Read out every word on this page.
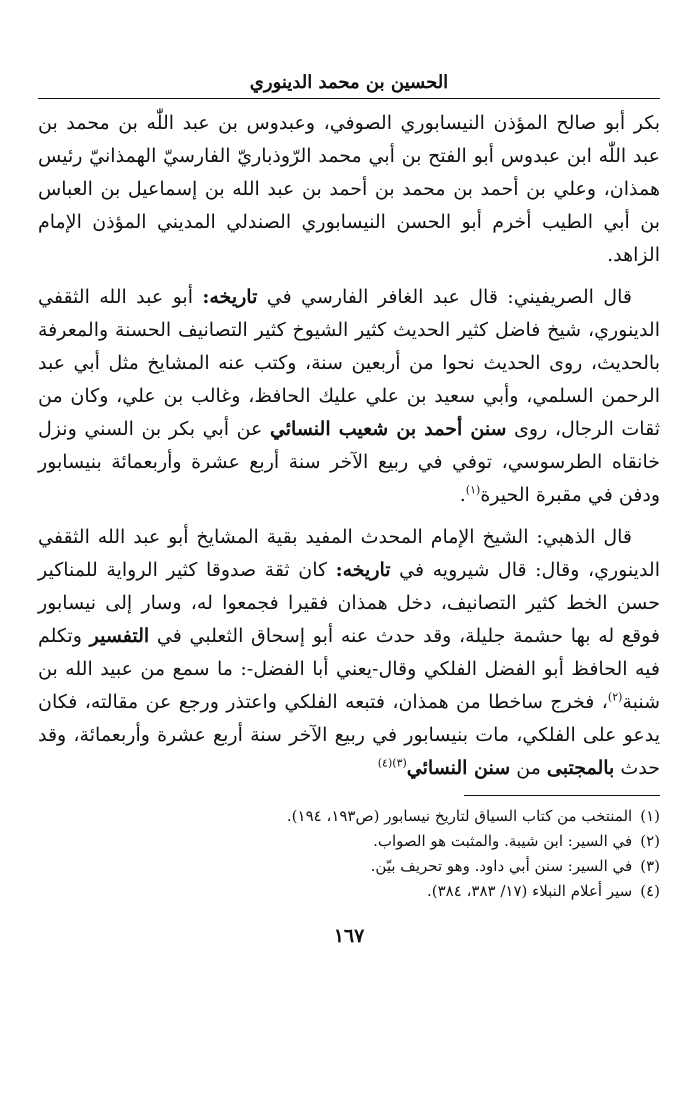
الحسين بن محمد الدينوري

بكر أبو صالح المؤذن النيسابوري الصوفي، وعبدوس بن عبد اللّٰه بن محمد بن عبد اللّٰه ابن عبدوس أبو الفتح بن أبي محمد الرّوذباريّ الفارسيّ الهمذانيّ رئيس همذان، وعلي بن أحمد بن محمد بن أحمد بن عبد الله بن إسماعيل بن العباس بن أبي الطيب أخرم أبو الحسن النيسابوري الصندلي المديني المؤذن الإمام الزاهد.

قال الصريفيني: قال عبد الغافر الفارسي في تاريخه: أبو عبد الله الثقفي الدينوري، شيخ فاضل كثير الحديث كثير الشيوخ كثير التصانيف الحسنة والمعرفة بالحديث، روى الحديث نحوا من أربعين سنة، وكتب عنه المشايخ مثل أبي عبد الرحمن السلمي، وأبي سعيد بن علي عليك الحافظ، وغالب بن علي، وكان من ثقات الرجال، روى سنن أحمد بن شعيب النسائي عن أبي بكر بن السني ونزل خانقاه الطرسوسي، توفي في ربيع الآخر سنة أربع عشرة وأربعمائة بنيسابور ودفن في مقبرة الحيرة$^{(١)}$.

قال الذهبي: الشيخ الإمام المحدث المفيد بقية المشايخ أبو عبد الله الثقفي الدينوري، وقال: قال شيرويه في تاريخه: كان ثقة صدوقا كثير الرواية للمناكير حسن الخط كثير التصانيف، دخل همذان فقيرا فجمعوا له، وسار إلى نيسابور فوقع له بها حشمة جليلة، وقد حدث عنه أبو إسحاق الثعلبي في التفسير وتكلم فيه الحافظ أبو الفضل الفلكي وقال-يعني أبا الفضل-: ما سمع من عبيد الله بن شنبة$^{(٢)}$، فخرج ساخطا من همذان، فتبعه الفلكي واعتذر ورجع عن مقالته، فكان يدعو على الفلكي، مات بنيسابور في ربيع الآخر سنة أربع عشرة وأربعمائة، وقد حدث بالمجتبى من سنن النسائي$^{(٣)(٤)}$

(١)المنتخب من كتاب السياق لتاريخ نيسابور (ص١٩٣، ١٩٤).
(٢)في السير: ابن شيبة. والمثبت هو الصواب.
(٣)في السير: سنن أبي داود. وهو تحريف بيّن.
(٤)سير أعلام النبلاء (١٧/ ٣٨٣، ٣٨٤).
١٦٧
